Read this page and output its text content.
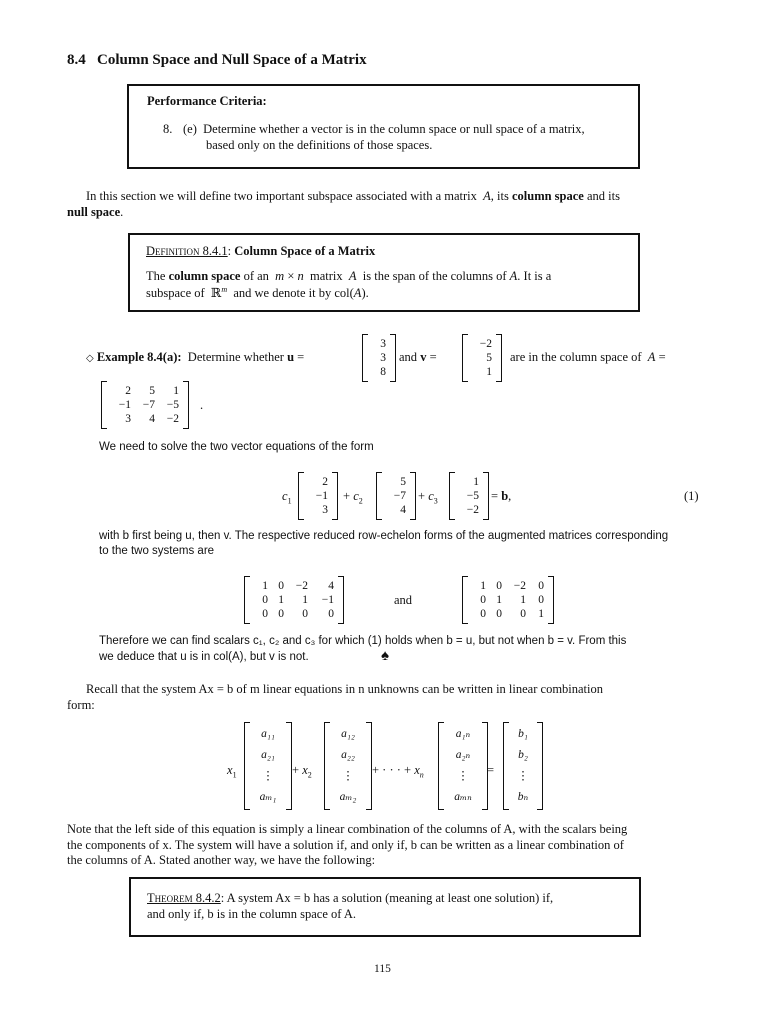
8.4   Column Space and Null Space of a Matrix
Performance Criteria:
8. (e)  Determine whether a vector is in the column space or null space of a matrix,
based only on the definitions of those spaces.
In this section we will define two important subspace associated with a matrix A, its column space and its
null space.
Definition 8.4.1: Column Space of a Matrix
The column space of an m × n matrix A is the span of the columns of A. It is a
subspace of  ℝ$^m$ and we denote it by col(A).
◇ Example 8.4(a): Determine whether u =
3
3
8
and v =
−2
5
1
are in the column space of A =
2	5	1
−1	−7	−5
3	4	−2
.
We need to solve the two vector equations of the form
$c_1$
2
−1
3
+ $c_2$
5
−7
4
+ $c_3$
1
−5
−2
= b,	(1)
with b first being u, then v. The respective reduced row-echelon forms of the augmented matrices corresponding
to the two systems are
1 0	−2	4
0 1	1	−1
0 0	0	0
and
1 0	−2	0
0 1	1	0
0 0	0	1
Therefore we can find scalars c₁, c₂ and c₃ for which (1) holds when b = u, but not when b = v. From this
we deduce that u is in col(A), but v is not.	♠
Recall that the system Ax = b of m linear equations in n unknowns can be written in linear combination
form:
$x_1$
a₁₁
a₂₁
⋮
aₘ₁
+ $x_2$
a₁₂
a₂₂
⋮
aₘ₂
+ · · · + $x_n$
a₁ₙ
a₂ₙ
⋮
aₘₙ
=
b₁
b₂
⋮
bₙ
Note that the left side of this equation is simply a linear combination of the columns of A, with the scalars being
the components of x. The system will have a solution if, and only if, b can be written as a linear combination of
the columns of A. Stated another way, we have the following:
Theorem 8.4.2: A system Ax = b has a solution (meaning at least one solution) if,
and only if, b is in the column space of A.
115
